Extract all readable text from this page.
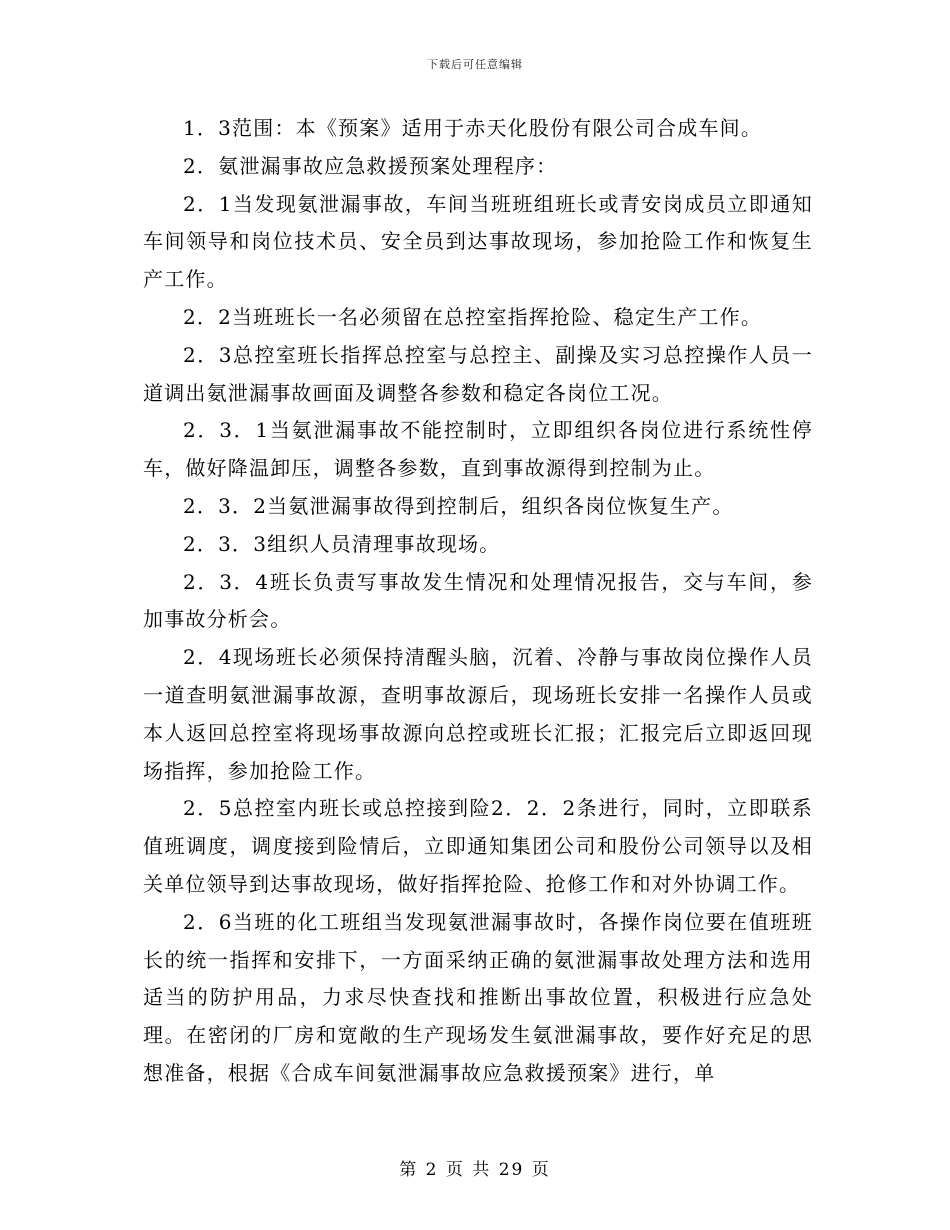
下载后可任意编辑

1．3范围：本《预案》适用于赤天化股份有限公司合成车间。

2．氨泄漏事故应急救援预案处理程序：

2．1当发现氨泄漏事故，车间当班班组班长或青安岗成员立即通知车间领导和岗位技术员、安全员到达事故现场，参加抢险工作和恢复生产工作。

2．2当班班长一名必须留在总控室指挥抢险、稳定生产工作。

2．3总控室班长指挥总控室与总控主、副操及实习总控操作人员一道调出氨泄漏事故画面及调整各参数和稳定各岗位工况。

2．3．1当氨泄漏事故不能控制时，立即组织各岗位进行系统性停车，做好降温卸压，调整各参数，直到事故源得到控制为止。

2．3．2当氨泄漏事故得到控制后，组织各岗位恢复生产。

2．3．3组织人员清理事故现场。

2．3．4班长负责写事故发生情况和处理情况报告，交与车间，参加事故分析会。

2．4现场班长必须保持清醒头脑，沉着、冷静与事故岗位操作人员一道查明氨泄漏事故源，查明事故源后，现场班长安排一名操作人员或本人返回总控室将现场事故源向总控或班长汇报；汇报完后立即返回现场指挥，参加抢险工作。

2．5总控室内班长或总控接到险2．2．2条进行，同时，立即联系值班调度，调度接到险情后，立即通知集团公司和股份公司领导以及相关单位领导到达事故现场，做好指挥抢险、抢修工作和对外协调工作。

2．6当班的化工班组当发现氨泄漏事故时，各操作岗位要在值班班长的统一指挥和安排下，一方面采纳正确的氨泄漏事故处理方法和选用适当的防护用品，力求尽快查找和推断出事故位置，积极进行应急处理。在密闭的厂房和宽敞的生产现场发生氨泄漏事故，要作好充足的思想准备，根据《合成车间氨泄漏事故应急救援预案》进行，单

第 2 页 共 29 页
